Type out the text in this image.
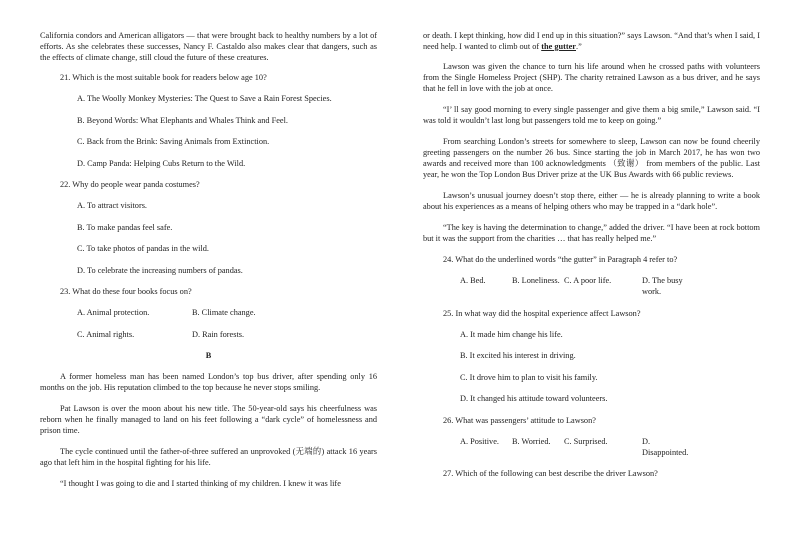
California condors and American alligators — that were brought back to healthy numbers by a lot of efforts. As she celebrates these successes, Nancy F. Castaldo also makes clear that dangers, such as the effects of climate change, still cloud the future of these creatures.

21. Which is the most suitable book for readers below age 10?

A. The Woolly Monkey Mysteries: The Quest to Save a Rain Forest Species.

B. Beyond Words: What Elephants and Whales Think and Feel.

C. Back from the Brink: Saving Animals from Extinction.

D. Camp Panda: Helping Cubs Return to the Wild.

22. Why do people wear panda costumes?

A. To attract visitors.

B. To make pandas feel safe.

C. To take photos of pandas in the wild.

D. To celebrate the increasing numbers of pandas.

23. What do these four books focus on?

A. Animal protection.	B. Climate change.
C. Animal rights.	D. Rain forests.

B

A former homeless man has been named London’s top bus driver, after spending only 16 months on the job. His reputation climbed to the top because he never stops smiling.

Pat Lawson is over the moon about his new title. The 50-year-old says his cheerfulness was reborn when he finally managed to land on his feet following a “dark cycle” of homelessness and prison time.

The cycle continued until the father-of-three suffered an unprovoked (无端的) attack 16 years ago that left him in the hospital fighting for his life.

“I thought I was going to die and I started thinking of my children. I knew it was life

or death. I kept thinking, how did I end up in this situation?” says Lawson. “And that’s when I said, I need help. I wanted to climb out of the gutter.”

Lawson was given the chance to turn his life around when he crossed paths with volunteers from the Single Homeless Project (SHP). The charity retrained Lawson as a bus driver, and he says that he fell in love with the job at once.

“I’ ll say good morning to every single passenger and give them a big smile,” Lawson said. “I was told it wouldn’t last long but passengers told me to keep on going.”

From searching London’s streets for somewhere to sleep, Lawson can now be found cheerily greeting passengers on the number 26 bus. Since starting the job in March 2017, he has won two awards and received more than 100 acknowledgments （致谢） from members of the public. Last year, he won the Top London Bus Driver prize at the UK Bus Awards with 66 public reviews.

Lawson’s unusual journey doesn’t stop there, either — he is already planning to write a book about his experiences as a means of helping others who may be trapped in a “dark hole”.

“The key is having the determination to change,” added the driver. “I have been at rock bottom but it was the support from the charities … that has really helped me.”

24. What do the underlined words “the gutter” in Paragraph 4 refer to?

A. Bed.	B. Loneliness. C. A poor life.	D. The busy work.

25. In what way did the hospital experience affect Lawson?

A. It made him change his life.

B. It excited his interest in driving.

C. It drove him to plan to visit his family.

D. It changed his attitude toward volunteers.

26. What was passengers’ attitude to Lawson?

A. Positive.	B. Worried.	C. Surprised.	D. Disappointed.

27. Which of the following can best describe the driver Lawson?
